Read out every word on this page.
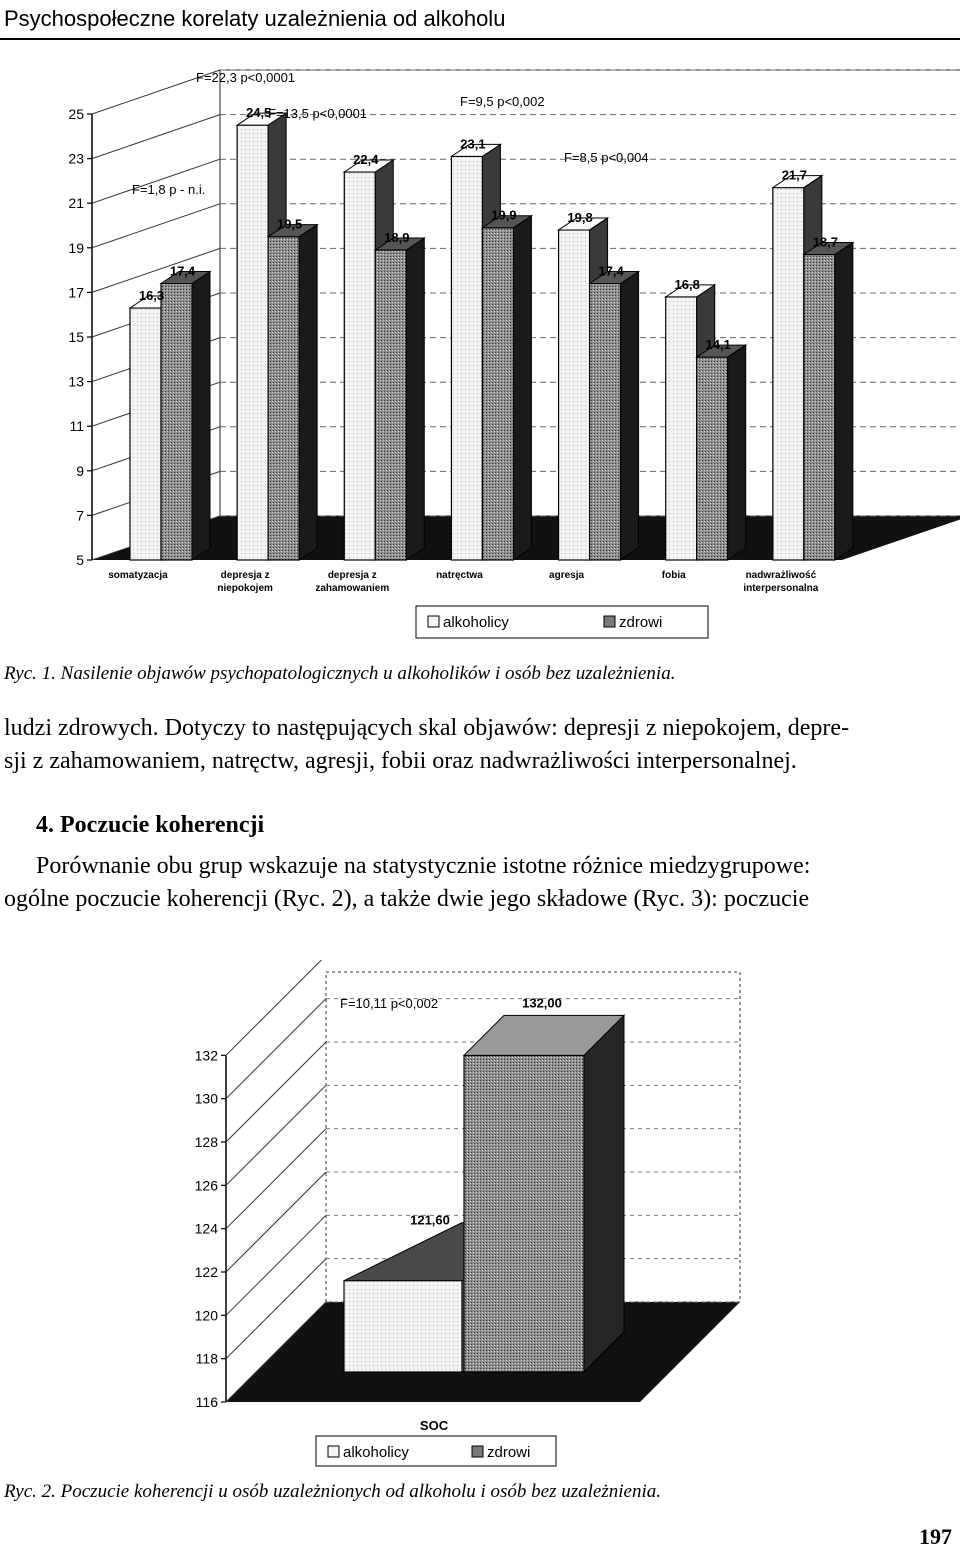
Psychospołeczne korelaty uzależnienia od alkoholu
5
7
9
11
13
15
17
19
21
23
25
16,3
17,4
somatyzacja
24,5
19,5
depresja z
niepokojem
22,4
18,9
depresja z
zahamowaniem
23,1
19,9
natręctwa
19,8
17,4
agresja
16,8
14,1
fobia
21,7
18,7
nadwrażliwość
interpersonalna
F=1,8 p - n.i.
F=22,3 p<0,0001
F=13,5 p<0,0001
F=9,5 p<0,002
F=8,5 p<0,004
alkoholicy	zdrowi
Ryc. 1. Nasilenie objawów psychopatologicznych u alkoholików i osób bez uzależnienia.
ludzi zdrowych. Dotyczy to następujących skal objawów: depresji z niepokojem, depre-
sji z zahamowaniem, natręctw, agresji, fobii oraz nadwrażliwości interpersonalnej.
4. Poczucie koherencji
Porównanie obu grup wskazuje na statystycznie istotne różnice miedzygrupowe:
ogólne poczucie koherencji (Ryc. 2), a także dwie jego składowe (Ryc. 3): poczucie
116
118
120
122
124
126
128
130
132
121,60
132,00
F=10,11 p<0,002
SOC
alkoholicy	zdrowi
Ryc. 2. Poczucie koherencji u osób uzależnionych od alkoholu i osób bez uzależnienia.
197
